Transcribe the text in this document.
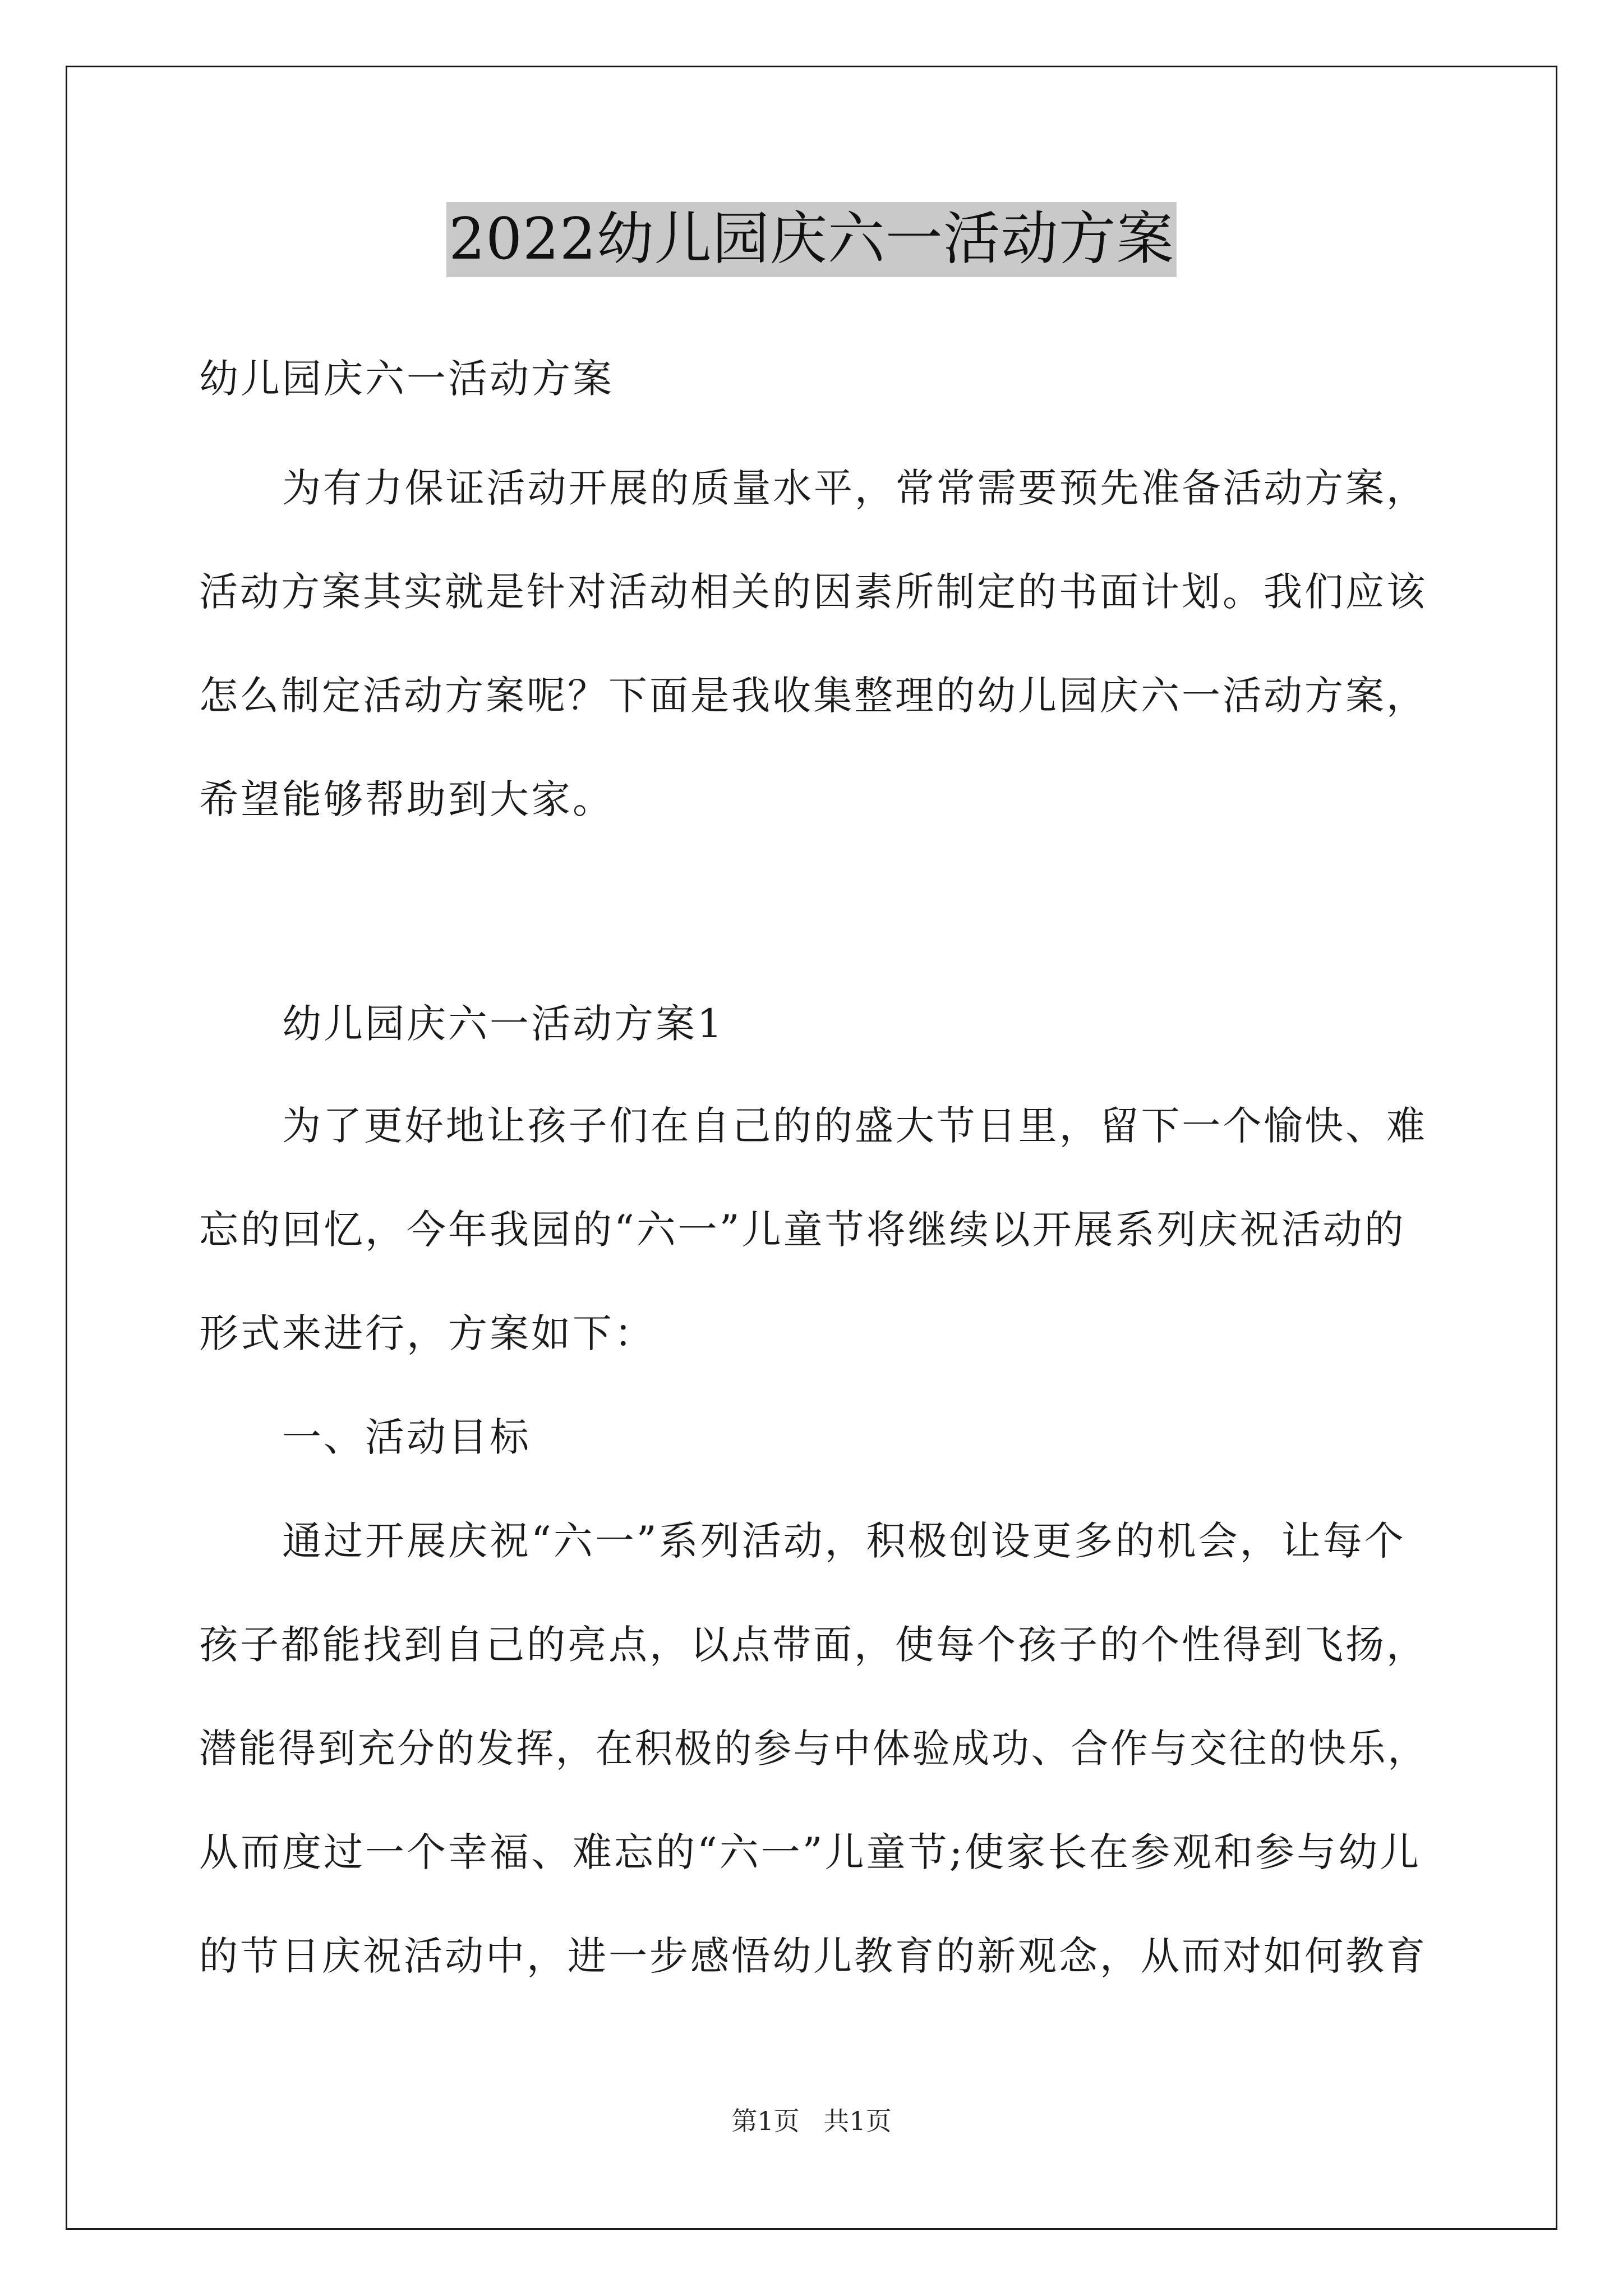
2022幼儿园庆六一活动方案
幼儿园庆六一活动方案
为有力保证活动开展的质量水平，常常需要预先准备活动方案，
活动方案其实就是针对活动相关的因素所制定的书面计划。我们应该
怎么制定活动方案呢？下面是我收集整理的幼儿园庆六一活动方案，
希望能够帮助到大家。
幼儿园庆六一活动方案1
为了更好地让孩子们在自己的的盛大节日里，留下一个愉快、难
忘的回忆，今年我园的“六一”儿童节将继续以开展系列庆祝活动的
形式来进行，方案如下：
一、活动目标
通过开展庆祝“六一”系列活动，积极创设更多的机会，让每个
孩子都能找到自己的亮点，以点带面，使每个孩子的个性得到飞扬，
潜能得到充分的发挥，在积极的参与中体验成功、合作与交往的快乐，
从而度过一个幸福、难忘的“六一”儿童节;使家长在参观和参与幼儿
的节日庆祝活动中，进一步感悟幼儿教育的新观念，从而对如何教育
第1页 共1页
